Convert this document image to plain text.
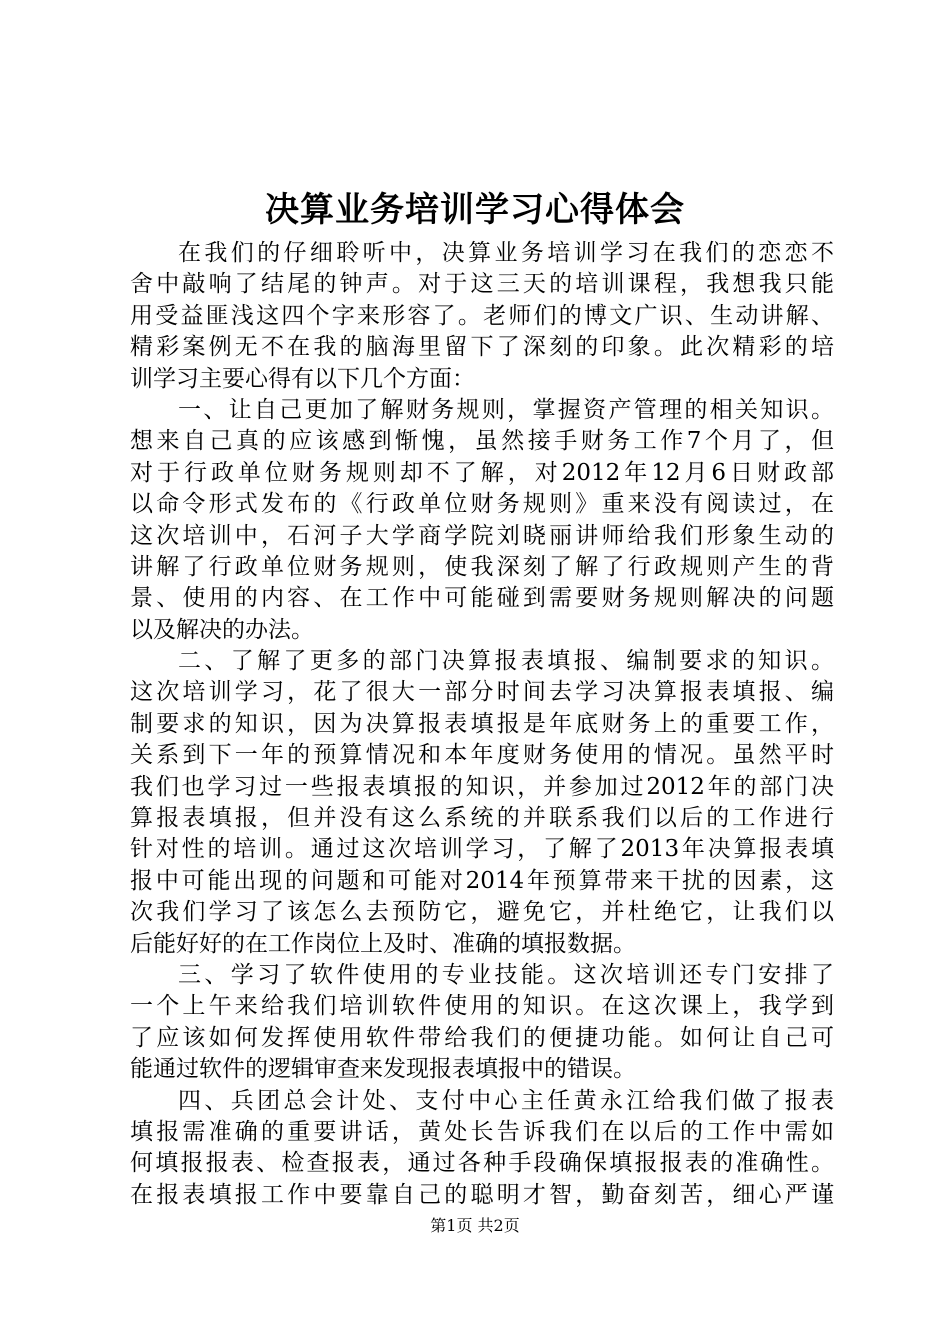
决算业务培训学习心得体会
在我们的仔细聆听中，决算业务培训学习在我们的恋恋不
舍中敲响了结尾的钟声。对于这三天的培训课程，我想我只能
用受益匪浅这四个字来形容了。老师们的博文广识、生动讲解、
精彩案例无不在我的脑海里留下了深刻的印象。此次精彩的培
训学习主要心得有以下几个方面：
一、让自己更加了解财务规则，掌握资产管理的相关知识。
想来自己真的应该感到惭愧，虽然接手财务工作7个月了，但
对于行政单位财务规则却不了解，对2012年12月6日财政部
以命令形式发布的《行政单位财务规则》重来没有阅读过，在
这次培训中，石河子大学商学院刘晓丽讲师给我们形象生动的
讲解了行政单位财务规则，使我深刻了解了行政规则产生的背
景、使用的内容、在工作中可能碰到需要财务规则解决的问题
以及解决的办法。
二、了解了更多的部门决算报表填报、编制要求的知识。
这次培训学习，花了很大一部分时间去学习决算报表填报、编
制要求的知识，因为决算报表填报是年底财务上的重要工作，
关系到下一年的预算情况和本年度财务使用的情况。虽然平时
我们也学习过一些报表填报的知识，并参加过2012年的部门决
算报表填报，但并没有这么系统的并联系我们以后的工作进行
针对性的培训。通过这次培训学习，了解了2013年决算报表填
报中可能出现的问题和可能对2014年预算带来干扰的因素，这
次我们学习了该怎么去预防它，避免它，并杜绝它，让我们以
后能好好的在工作岗位上及时、准确的填报数据。
三、学习了软件使用的专业技能。这次培训还专门安排了
一个上午来给我们培训软件使用的知识。在这次课上，我学到
了应该如何发挥使用软件带给我们的便捷功能。如何让自己可
能通过软件的逻辑审查来发现报表填报中的错误。
四、兵团总会计处、支付中心主任黄永江给我们做了报表
填报需准确的重要讲话，黄处长告诉我们在以后的工作中需如
何填报报表、检查报表，通过各种手段确保填报报表的准确性。
在报表填报工作中要靠自己的聪明才智，勤奋刻苦，细心严谨
第1页 共2页
